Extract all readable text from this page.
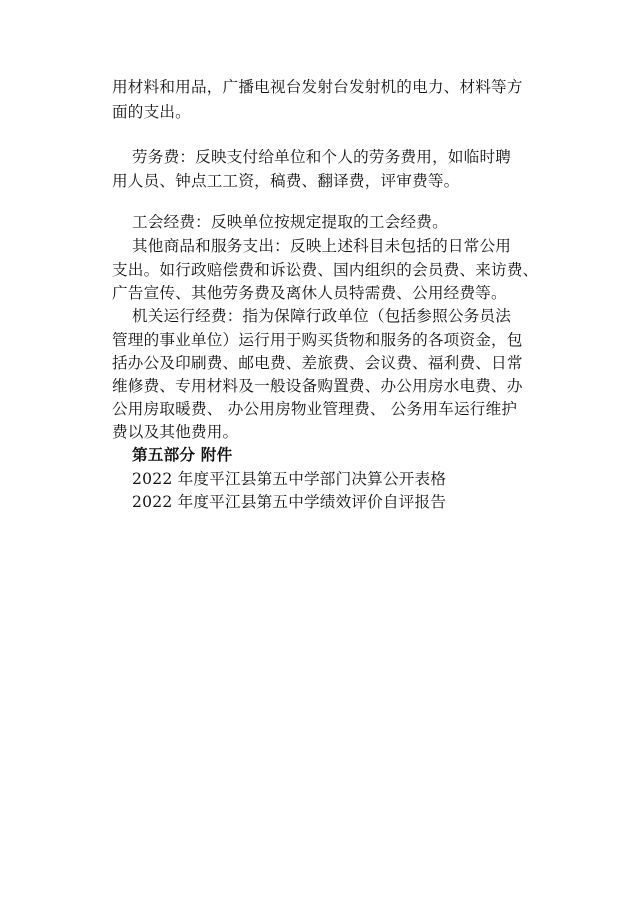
用材料和用品，广播电视台发射台发射机的电力、材料等方
面的支出。
劳务费：反映支付给单位和个人的劳务费用，如临时聘
用人员、钟点工工资，稿费、翻译费，评审费等。
工会经费：反映单位按规定提取的工会经费。
其他商品和服务支出：反映上述科目未包括的日常公用
支出。如行政赔偿费和诉讼费、国内组织的会员费、来访费、
广告宣传、其他劳务费及离休人员特需费、公用经费等。
机关运行经费：指为保障行政单位（包括参照公务员法
管理的事业单位）运行用于购买货物和服务的各项资金，包
括办公及印刷费、邮电费、差旅费、会议费、福利费、日常
维修费、专用材料及一般设备购置费、办公用房水电费、办
公用房取暖费、 办公用房物业管理费、 公务用车运行维护
费以及其他费用。
第五部分 附件
2022 年度平江县第五中学部门决算公开表格
2022 年度平江县第五中学绩效评价自评报告
